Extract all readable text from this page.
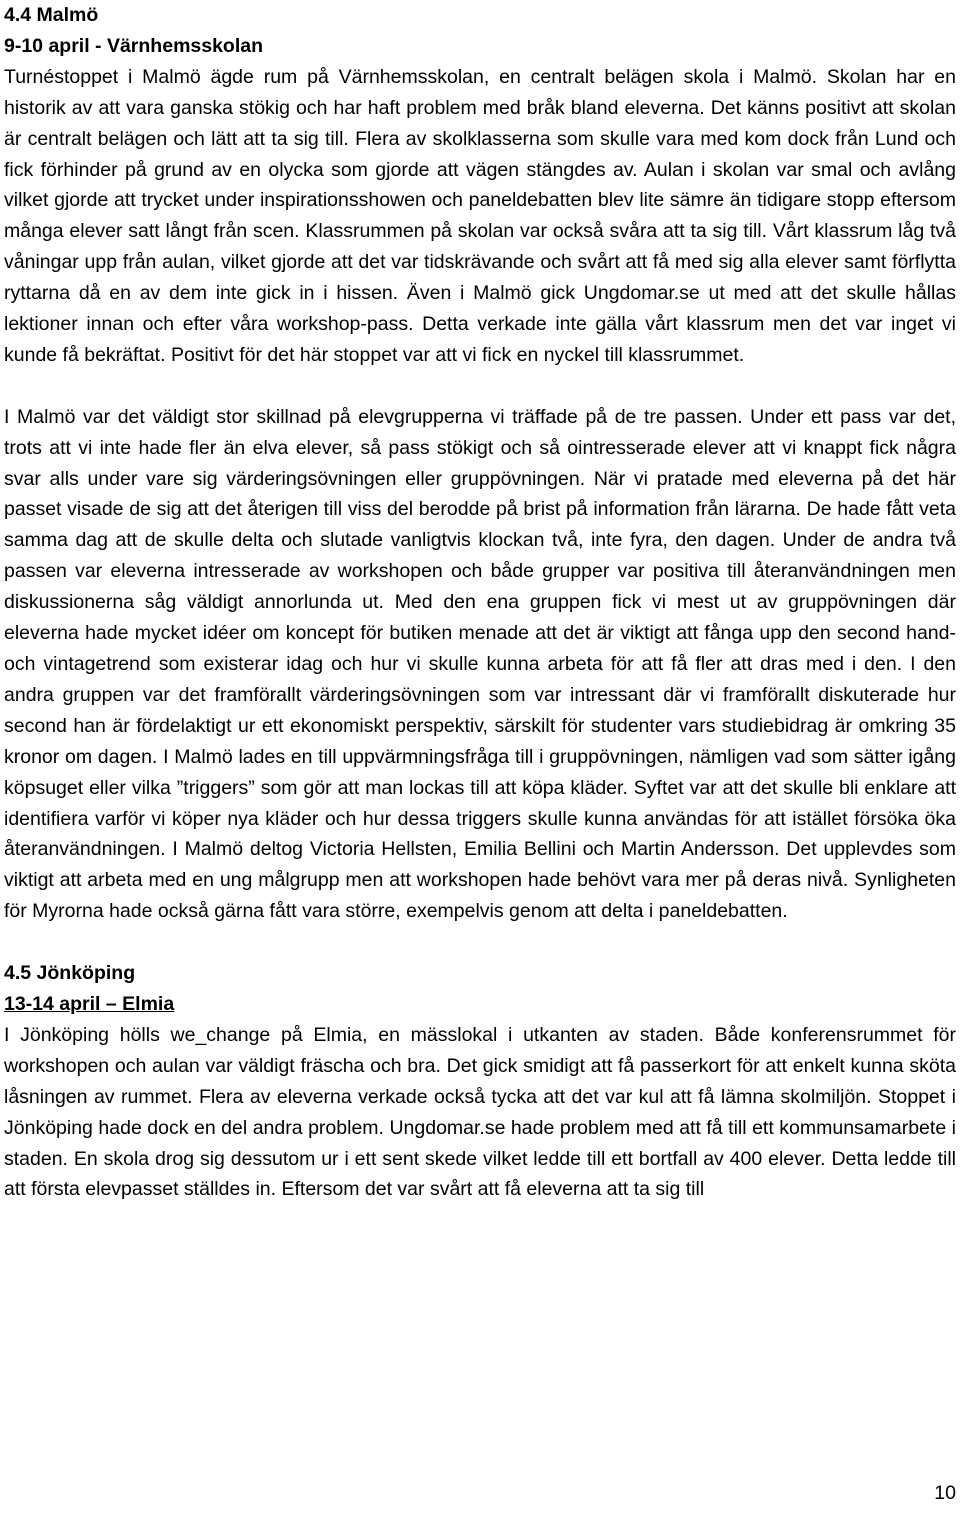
4.4 Malmö

9-10 april - Värnhemsskolan

Turnéstoppet i Malmö ägde rum på Värnhemsskolan, en centralt belägen skola i Malmö. Skolan har en historik av att vara ganska stökig och har haft problem med bråk bland eleverna. Det känns positivt att skolan är centralt belägen och lätt att ta sig till. Flera av skolklasserna som skulle vara med kom dock från Lund och fick förhinder på grund av en olycka som gjorde att vägen stängdes av. Aulan i skolan var smal och avlång vilket gjorde att trycket under inspirationsshowen och paneldebatten blev lite sämre än tidigare stopp eftersom många elever satt långt från scen. Klassrummen på skolan var också svåra att ta sig till. Vårt klassrum låg två våningar upp från aulan, vilket gjorde att det var tidskrävande och svårt att få med sig alla elever samt förflytta ryttarna då en av dem inte gick in i hissen. Även i Malmö gick Ungdomar.se ut med att det skulle hållas lektioner innan och efter våra workshop-pass. Detta verkade inte gälla vårt klassrum men det var inget vi kunde få bekräftat. Positivt för det här stoppet var att vi fick en nyckel till klassrummet.

I Malmö var det väldigt stor skillnad på elevgrupperna vi träffade på de tre passen. Under ett pass var det, trots att vi inte hade fler än elva elever, så pass stökigt och så ointresserade elever att vi knappt fick några svar alls under vare sig värderingsövningen eller gruppövningen. När vi pratade med eleverna på det här passet visade de sig att det återigen till viss del berodde på brist på information från lärarna. De hade fått veta samma dag att de skulle delta och slutade vanligtvis klockan två, inte fyra, den dagen. Under de andra två passen var eleverna intresserade av workshopen och både grupper var positiva till återanvändningen men diskussionerna såg väldigt annorlunda ut. Med den ena gruppen fick vi mest ut av gruppövningen där eleverna hade mycket idéer om koncept för butiken menade att det är viktigt att fånga upp den second hand- och vintagetrend som existerar idag och hur vi skulle kunna arbeta för att få fler att dras med i den. I den andra gruppen var det framförallt värderingsövningen som var intressant där vi framförallt diskuterade hur second han är fördelaktigt ur ett ekonomiskt perspektiv, särskilt för studenter vars studiebidrag är omkring 35 kronor om dagen. I Malmö lades en till uppvärmningsfråga till i gruppövningen, nämligen vad som sätter igång köpsuget eller vilka ”triggers” som gör att man lockas till att köpa kläder. Syftet var att det skulle bli enklare att identifiera varför vi köper nya kläder och hur dessa triggers skulle kunna användas för att istället försöka öka återanvändningen. I Malmö deltog Victoria Hellsten, Emilia Bellini och Martin Andersson. Det upplevdes som viktigt att arbeta med en ung målgrupp men att workshopen hade behövt vara mer på deras nivå. Synligheten för Myrorna hade också gärna fått vara större, exempelvis genom att delta i paneldebatten.

4.5 Jönköping

13-14 april – Elmia

I Jönköping hölls we_change på Elmia, en mässlokal i utkanten av staden. Både konferensrummet för workshopen och aulan var väldigt fräscha och bra. Det gick smidigt att få passerkort för att enkelt kunna sköta låsningen av rummet. Flera av eleverna verkade också tycka att det var kul att få lämna skolmiljön. Stoppet i Jönköping hade dock en del andra problem. Ungdomar.se hade problem med att få till ett kommunsamarbete i staden. En skola drog sig dessutom ur i ett sent skede vilket ledde till ett bortfall av 400 elever. Detta ledde till att första elevpasset ställdes in. Eftersom det var svårt att få eleverna att ta sig till

10
